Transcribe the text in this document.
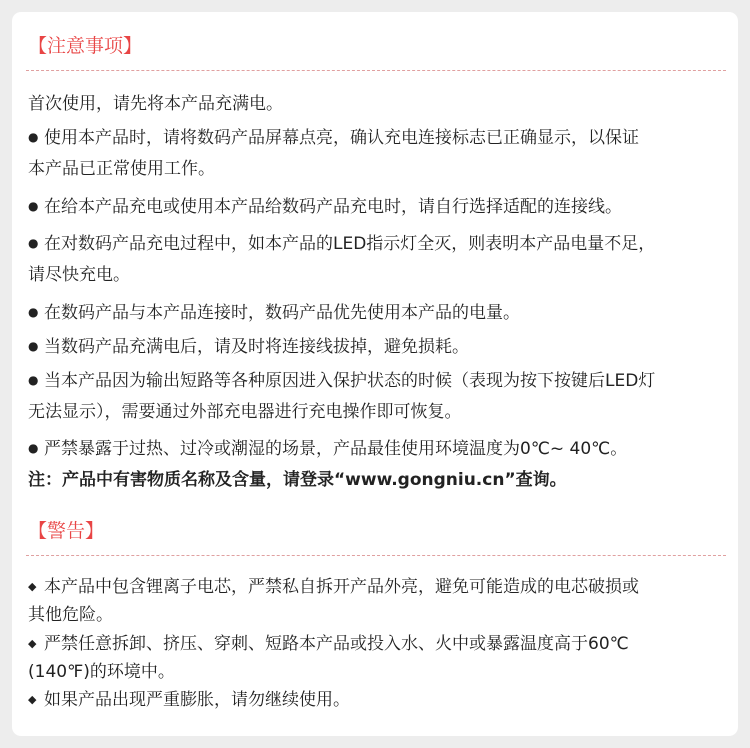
【注意事项】
首次使用，请先将本产品充满电。
● 使用本产品时，请将数码产品屏幕点亮，确认充电连接标志已正确显示，以保证
本产品已正常使用工作。
● 在给本产品充电或使用本产品给数码产品充电时，请自行选择适配的连接线。
● 在对数码产品充电过程中，如本产品的LED指示灯全灭，则表明本产品电量不足，
请尽快充电。
● 在数码产品与本产品连接时，数码产品优先使用本产品的电量。
● 当数码产品充满电后，请及时将连接线拔掉，避免损耗。
● 当本产品因为输出短路等各种原因进入保护状态的时候（表现为按下按键后LED灯
无法显示），需要通过外部充电器进行充电操作即可恢复。
● 严禁暴露于过热、过冷或潮湿的场景，产品最佳使用环境温度为0℃~ 40℃。
注：产品中有害物质名称及含量，请登录“www.gongniu.cn”查询。
【警告】
◆ 本产品中包含锂离子电芯，严禁私自拆开产品外亮，避免可能造成的电芯破损或
其他危险。
◆ 严禁任意拆卸、挤压、穿刺、短路本产品或投入水、火中或暴露温度高于60℃
(140℉)的环境中。
◆ 如果产品出现严重膨胀，请勿继续使用。
